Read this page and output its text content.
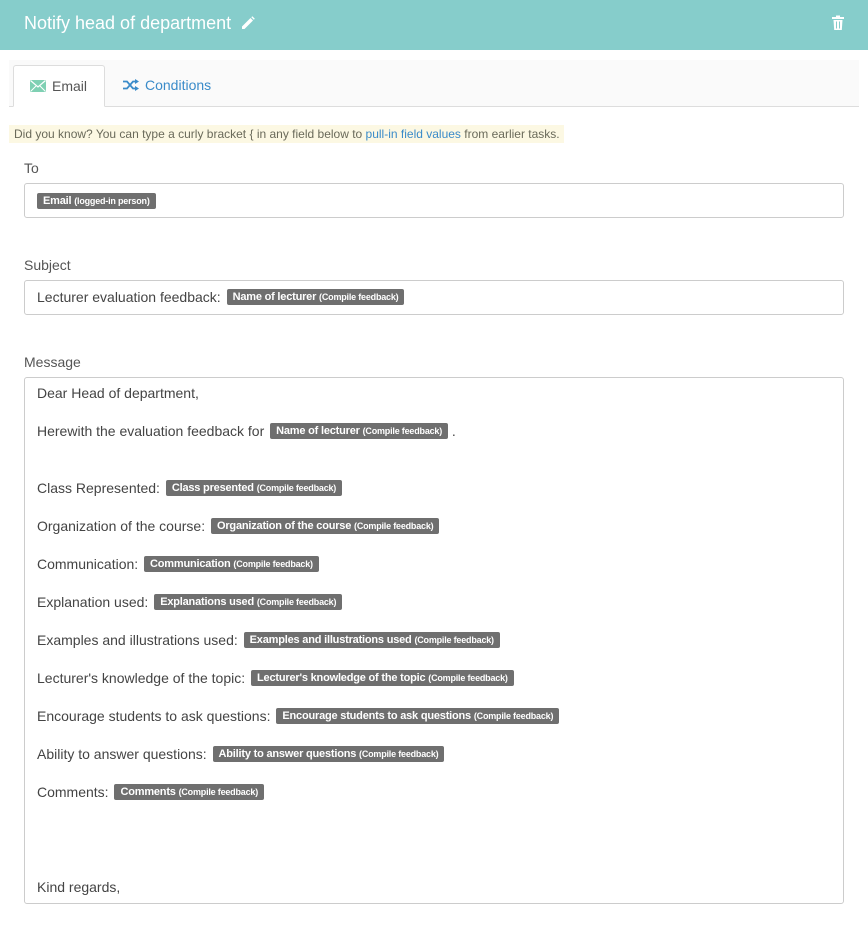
Notify head of department
Email	Conditions
Did you know? You can type a curly bracket { in any field below to pull-in field values from earlier tasks.
To
Email (logged-in person)
Subject
Lecturer evaluation feedback: Name of lecturer (Compile feedback)
Message
Dear Head of department,
Herewith the evaluation feedback for Name of lecturer (Compile feedback) .
Class Represented: Class presented (Compile feedback)
Organization of the course: Organization of the course (Compile feedback)
Communication: Communication (Compile feedback)
Explanation used: Explanations used (Compile feedback)
Examples and illustrations used: Examples and illustrations used (Compile feedback)
Lecturer's knowledge of the topic: Lecturer's knowledge of the topic (Compile feedback)
Encourage students to ask questions: Encourage students to ask questions (Compile feedback)
Ability to answer questions: Ability to answer questions (Compile feedback)
Comments: Comments (Compile feedback)
Kind regards,
